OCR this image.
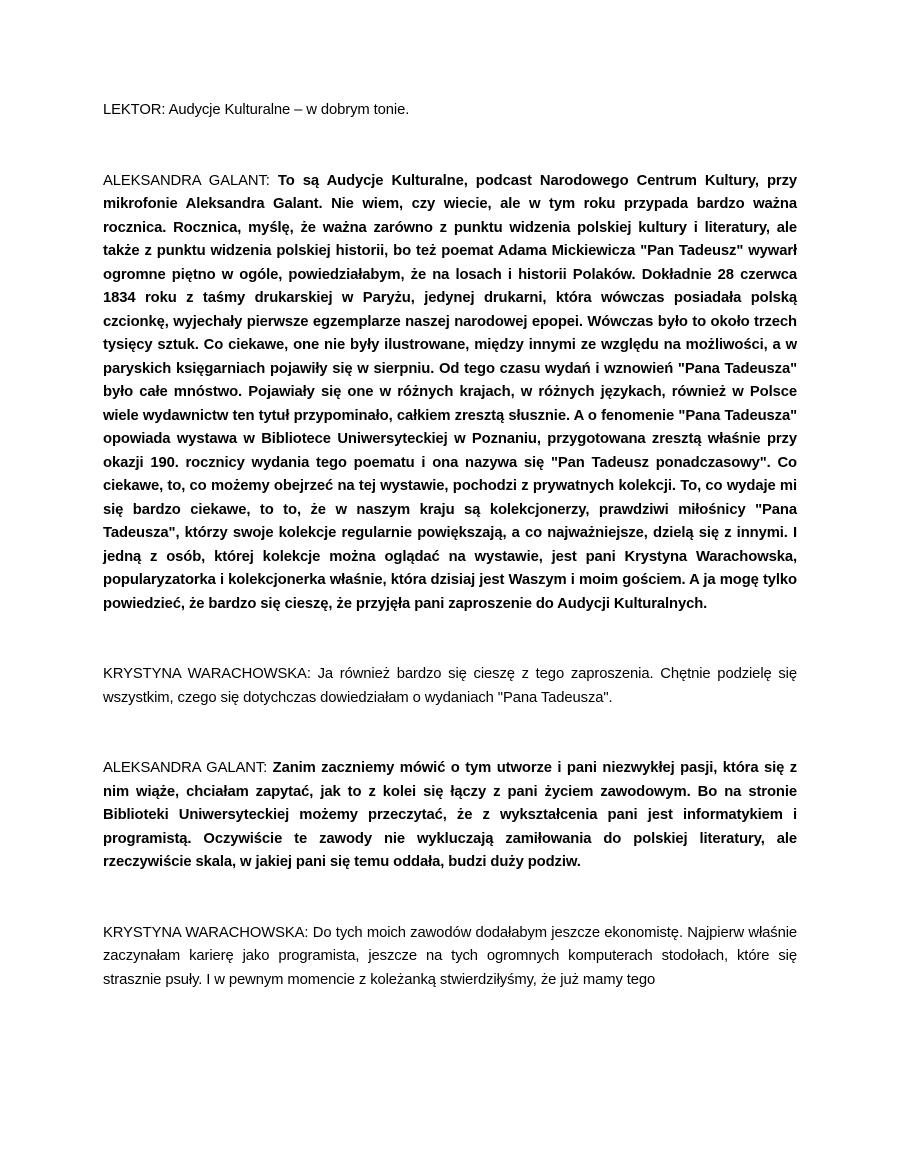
LEKTOR: Audycje Kulturalne – w dobrym tonie.

ALEKSANDRA GALANT: To są Audycje Kulturalne, podcast Narodowego Centrum Kultury, przy mikrofonie Aleksandra Galant. Nie wiem, czy wiecie, ale w tym roku przypada bardzo ważna rocznica. Rocznica, myślę, że ważna zarówno z punktu widzenia polskiej kultury i literatury, ale także z punktu widzenia polskiej historii, bo też poemat Adama Mickiewicza "Pan Tadeusz" wywarł ogromne piętno w ogóle, powiedziałabym, że na losach i historii Polaków. Dokładnie 28 czerwca 1834 roku z taśmy drukarskiej w Paryżu, jedynej drukarni, która wówczas posiadała polską czcionkę, wyjechały pierwsze egzemplarze naszej narodowej epopei. Wówczas było to około trzech tysięcy sztuk. Co ciekawe, one nie były ilustrowane, między innymi ze względu na możliwości, a w paryskich księgarniach pojawiły się w sierpniu. Od tego czasu wydań i wznowień "Pana Tadeusza" było całe mnóstwo. Pojawiały się one w różnych krajach, w różnych językach, również w Polsce wiele wydawnictw ten tytuł przypominało, całkiem zresztą słusznie. A o fenomenie "Pana Tadeusza" opowiada wystawa w Bibliotece Uniwersyteckiej w Poznaniu, przygotowana zresztą właśnie przy okazji 190. rocznicy wydania tego poematu i ona nazywa się "Pan Tadeusz ponadczasowy". Co ciekawe, to, co możemy obejrzeć na tej wystawie, pochodzi z prywatnych kolekcji. To, co wydaje mi się bardzo ciekawe, to to, że w naszym kraju są kolekcjonerzy, prawdziwi miłośnicy "Pana Tadeusza", którzy swoje kolekcje regularnie powiększają, a co najważniejsze, dzielą się z innymi. I jedną z osób, której kolekcje można oglądać na wystawie, jest pani Krystyna Warachowska, popularyzatorka i kolekcjonerka właśnie, która dzisiaj jest Waszym i moim gościem. A ja mogę tylko powiedzieć, że bardzo się cieszę, że przyjęła pani zaproszenie do Audycji Kulturalnych.

KRYSTYNA WARACHOWSKA: Ja również bardzo się cieszę z tego zaproszenia. Chętnie podzielę się wszystkim, czego się dotychczas dowiedziałam o wydaniach "Pana Tadeusza".

ALEKSANDRA GALANT: Zanim zaczniemy mówić o tym utworze i pani niezwykłej pasji, która się z nim wiąże, chciałam zapytać, jak to z kolei się łączy z pani życiem zawodowym. Bo na stronie Biblioteki Uniwersyteckiej możemy przeczytać, że z wykształcenia pani jest informatykiem i programistą. Oczywiście te zawody nie wykluczają zamiłowania do polskiej literatury, ale rzeczywiście skala, w jakiej pani się temu oddała, budzi duży podziw.

KRYSTYNA WARACHOWSKA: Do tych moich zawodów dodałabym jeszcze ekonomistę. Najpierw właśnie zaczynałam karierę jako programista, jeszcze na tych ogromnych komputerach stodołach, które się strasznie psuły. I w pewnym momencie z koleżanką stwierdziłyśmy, że już mamy tego
